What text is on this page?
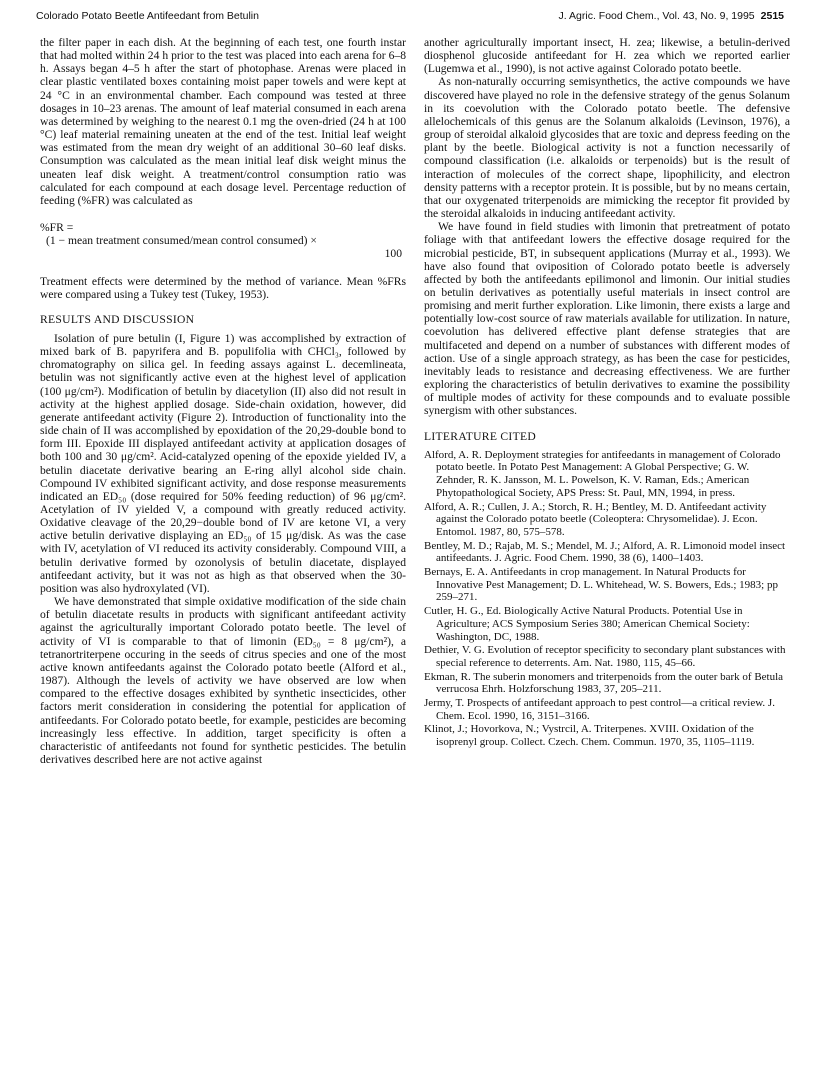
Colorado Potato Beetle Antifeedant from Betulin	J. Agric. Food Chem., Vol. 43, No. 9, 1995 2515

the filter paper in each dish. At the beginning of each test, one fourth instar that had molted within 24 h prior to the test was placed into each arena for 6–8 h. Assays began 4–5 h after the start of photophase. Arenas were placed in clear plastic ventilated boxes containing moist paper towels and were kept at 24 °C in an environmental chamber. Each compound was tested at three dosages in 10–23 arenas. The amount of leaf material consumed in each arena was determined by weighing to the nearest 0.1 mg the oven-dried (24 h at 100 °C) leaf material remaining uneaten at the end of the test. Initial leaf weight was estimated from the mean dry weight of an additional 30–60 leaf disks. Consumption was calculated as the mean initial leaf disk weight minus the uneaten leaf disk weight. A treatment/control consumption ratio was calculated for each compound at each dosage level. Percentage reduction of feeding (%FR) was calculated as

%FR =
(1 − mean treatment consumed/mean control consumed) ×
100

Treatment effects were determined by the method of variance. Mean %FRs were compared using a Tukey test (Tukey, 1953).

RESULTS AND DISCUSSION

Isolation of pure betulin (I, Figure 1) was accomplished by extraction of mixed bark of B. papyrifera and B. populifolia with CHCl₃, followed by chromatography on silica gel. In feeding assays against L. decemlineata, betulin was not significantly active even at the highest level of application (100 μg/cm²). Modification of betulin by diacetylion (II) also did not result in activity at the highest applied dosage. Side-chain oxidation, however, did generate antifeedant activity (Figure 2). Introduction of functionality into the side chain of II was accomplished by epoxidation of the 20,29-double bond to form III. Epoxide III displayed antifeedant activity at application dosages of both 100 and 30 μg/cm². Acid-catalyzed opening of the epoxide yielded IV, a betulin diacetate derivative bearing an E-ring allyl alcohol side chain. Compound IV exhibited significant activity, and dose response measurements indicated an ED₅₀ (dose required for 50% feeding reduction) of 96 μg/cm². Acetylation of IV yielded V, a compound with greatly reduced activity. Oxidative cleavage of the 20,29−double bond of IV are ketone VI, a very active betulin derivative displaying an ED₅₀ of 15 μg/disk. As was the case with IV, acetylation of VI reduced its activity considerably. Compound VIII, a betulin derivative formed by ozonolysis of betulin diacetate, displayed antifeedant activity, but it was not as high as that observed when the 30-position was also hydroxylated (VI).

We have demonstrated that simple oxidative modification of the side chain of betulin diacetate results in products with significant antifeedant activity against the agriculturally important Colorado potato beetle. The level of activity of VI is comparable to that of limonin (ED₅₀ = 8 μg/cm²), a tetranortriterpene occuring in the seeds of citrus species and one of the most active known antifeedants against the Colorado potato beetle (Alford et al., 1987). Although the levels of activity we have observed are low when compared to the effective dosages exhibited by synthetic insecticides, other factors merit consideration in considering the potential for application of antifeedants. For Colorado potato beetle, for example, pesticides are becoming increasingly less effective. In addition, target specificity is often a characteristic of antifeedants not found for synthetic pesticides. The betulin derivatives described here are not active against

another agriculturally important insect, H. zea; likewise, a betulin-derived diosphenol glucoside antifeedant for H. zea which we reported earlier (Lugemwa et al., 1990), is not active against Colorado potato beetle.

As non-naturally occurring semisynthetics, the active compounds we have discovered have played no role in the defensive strategy of the genus Solanum in its coevolution with the Colorado potato beetle. The defensive allelochemicals of this genus are the Solanum alkaloids (Levinson, 1976), a group of steroidal alkaloid glycosides that are toxic and depress feeding on the plant by the beetle. Biological activity is not a function necessarily of compound classification (i.e. alkaloids or terpenoids) but is the result of interaction of molecules of the correct shape, lipophilicity, and electron density patterns with a receptor protein. It is possible, but by no means certain, that our oxygenated triterpenoids are mimicking the receptor fit provided by the steroidal alkaloids in inducing antifeedant activity.

We have found in field studies with limonin that pretreatment of potato foliage with that antifeedant lowers the effective dosage required for the microbial pesticide, BT, in subsequent applications (Murray et al., 1993). We have also found that oviposition of Colorado potato beetle is adversely affected by both the antifeedants epilimonol and limonin. Our initial studies on betulin derivatives as potentially useful materials in insect control are promising and merit further exploration. Like limonin, there exists a large and potentially low-cost source of raw materials available for utilization. In nature, coevolution has delivered effective plant defense strategies that are multifaceted and depend on a number of substances with different modes of action. Use of a single approach strategy, as has been the case for pesticides, inevitably leads to resistance and decreasing effectiveness. We are further exploring the characteristics of betulin derivatives to examine the possibility of multiple modes of activity for these compounds and to evaluate possible synergism with other substances.

LITERATURE CITED

Alford, A. R. Deployment strategies for antifeedants in management of Colorado potato beetle. In Potato Pest Management: A Global Perspective; G. W. Zehnder, R. K. Jansson, M. L. Powelson, K. V. Raman, Eds.; American Phytopathological Society, APS Press: St. Paul, MN, 1994, in press.

Alford, A. R.; Cullen, J. A.; Storch, R. H.; Bentley, M. D. Antifeedant activity against the Colorado potato beetle (Coleoptera: Chrysomelidae). J. Econ. Entomol. 1987, 80, 575–578.

Bentley, M. D.; Rajab, M. S.; Mendel, M. J.; Alford, A. R. Limonoid model insect antifeedants. J. Agric. Food Chem. 1990, 38 (6), 1400–1403.

Bernays, E. A. Antifeedants in crop management. In Natural Products for Innovative Pest Management; D. L. Whitehead, W. S. Bowers, Eds.; 1983; pp 259–271.

Cutler, H. G., Ed. Biologically Active Natural Products. Potential Use in Agriculture; ACS Symposium Series 380; American Chemical Society: Washington, DC, 1988.

Dethier, V. G. Evolution of receptor specificity to secondary plant substances with special reference to deterrents. Am. Nat. 1980, 115, 45–66.

Ekman, R. The suberin monomers and triterpenoids from the outer bark of Betula verrucosa Ehrh. Holzforschung 1983, 37, 205–211.

Jermy, T. Prospects of antifeedant approach to pest control—a critical review. J. Chem. Ecol. 1990, 16, 3151–3166.

Klinot, J.; Hovorkova, N.; Vystrcil, A. Triterpenes. XVIII. Oxidation of the isoprenyl group. Collect. Czech. Chem. Commun. 1970, 35, 1105–1119.
